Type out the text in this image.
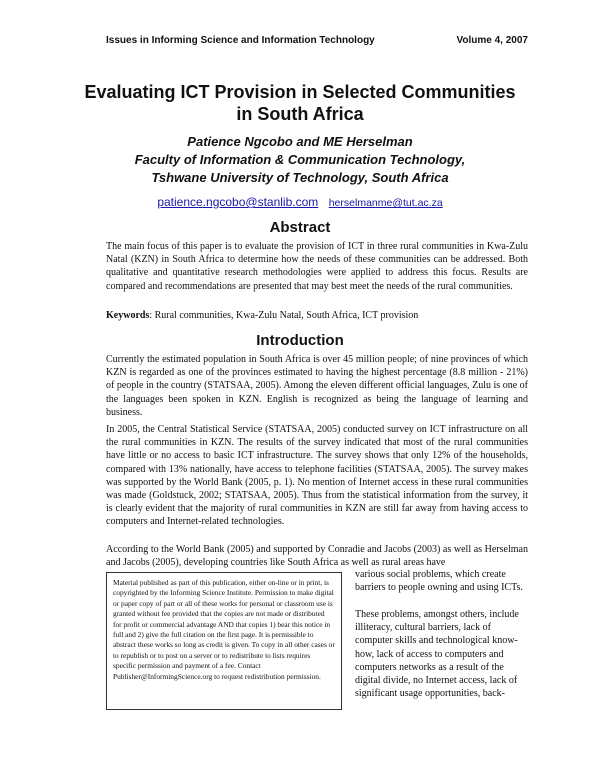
Issues in Informing Science and Information Technology	Volume 4, 2007
Evaluating ICT Provision in Selected Communities
in South Africa
Patience Ngcobo and ME Herselman
Faculty of Information & Communication Technology,
Tshwane University of Technology, South Africa
patience.ngcobo@stanlib.com herselmanme@tut.ac.za
Abstract

The main focus of this paper is to evaluate the provision of ICT in three rural communities in Kwa-Zulu Natal (KZN) in South Africa to determine how the needs of these communities can be addressed. Both qualitative and quantitative research methodologies were applied to address this focus. Results are compared and recommendations are presented that may best meet the needs of the rural communities.

Keywords: Rural communities, Kwa-Zulu Natal, South Africa, ICT provision

Introduction

Currently the estimated population in South Africa is over 45 million people; of nine provinces of which KZN is regarded as one of the provinces estimated to having the highest percentage (8.8 million - 21%) of people in the country (STATSAA, 2005). Among the eleven different official languages, Zulu is one of the languages been spoken in KZN. English is recognized as being the language of learning and business.

In 2005, the Central Statistical Service (STATSAA, 2005) conducted survey on ICT infrastructure on all the rural communities in KZN. The results of the survey indicated that most of the rural communities have little or no access to basic ICT infrastructure. The survey shows that only 12% of the households, compared with 13% nationally, have access to telephone facilities (STATSAA, 2005). The survey makes was supported by the World Bank (2005, p. 1). No mention of Internet access in these rural communities was made (Goldstuck, 2002; STATSAA, 2005). Thus from the statistical information from the survey, it is clearly evident that the majority of rural communities in KZN are still far away from having access to computers and Internet-related technologies.

According to the World Bank (2005) and supported by Conradie and Jacobs (2003) as well as Herselman and Jacobs (2005), developing countries like South Africa as well as rural areas have

Material published as part of this publication, either on-line or in print, is copyrighted by the Informing Science Institute. Permission to make digital or paper copy of part or all of these works for personal or classroom use is granted without fee provided that the copies are not made or distributed for profit or commercial advantage AND that copies 1) bear this notice in full and 2) give the full citation on the first page. It is permissible to abstract these works so long as credit is given. To copy in all other cases or to republish or to post on a server or to redistribute to lists requires specific permission and payment of a fee. Contact Publisher@InformingScience.org to request redistribution permission.

various social problems, which create barriers to people owning and using ICTs.

These problems, amongst others, include illiteracy, cultural barriers, lack of computer skills and technological know-how, lack of access to computers and computers networks as a result of the digital divide, no Internet access, lack of significant usage opportunities, back-
